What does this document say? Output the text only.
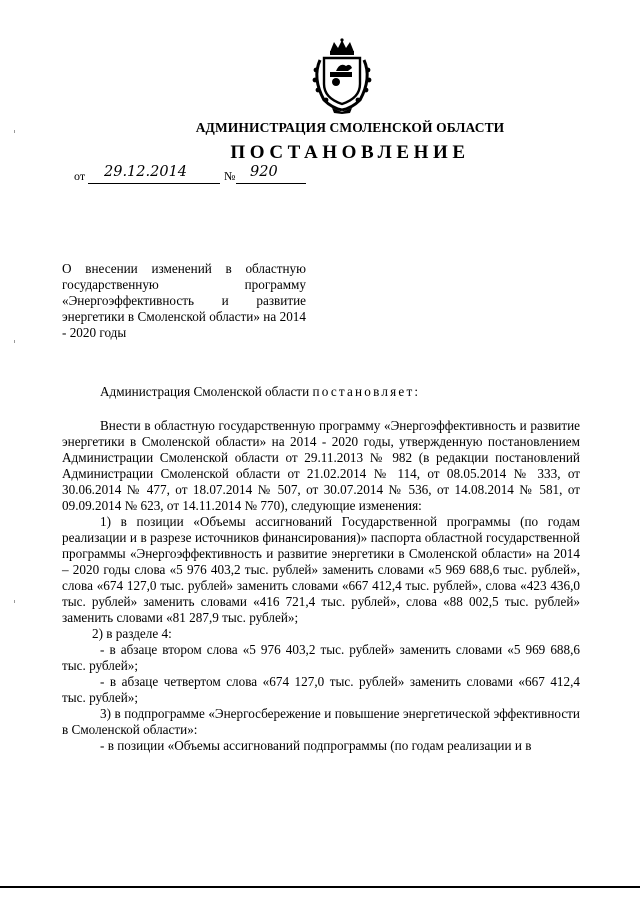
АДМИНИСТРАЦИЯ СМОЛЕНСКОЙ ОБЛАСТИ
ПОСТАНОВЛЕНИЕ
от 29.12.2014	№ 920
О внесении изменений в областную государственную программу «Энергоэффективность и развитие энергетики в Смоленской области» на 2014 - 2020 годы
Администрация Смоленской области постановляет:

Внести в областную государственную программу «Энергоэффективность и развитие энергетики в Смоленской области» на 2014 - 2020 годы, утвержденную постановлением Администрации Смоленской области от 29.11.2013 № 982 (в редакции постановлений Администрации Смоленской области от 21.02.2014 № 114, от 08.05.2014 № 333, от 30.06.2014 № 477, от 18.07.2014 № 507, от 30.07.2014 № 536, от 14.08.2014 № 581, от 09.09.2014 № 623, от 14.11.2014 № 770), следующие изменения:

1) в позиции «Объемы ассигнований Государственной программы (по годам реализации и в разрезе источников финансирования)» паспорта областной государственной программы «Энергоэффективность и развитие энергетики в Смоленской области» на 2014 – 2020 годы слова «5 976 403,2 тыс. рублей» заменить словами «5 969 688,6 тыс. рублей», слова «674 127,0 тыс. рублей» заменить словами «667 412,4 тыс. рублей», слова «423 436,0 тыс. рублей» заменить словами «416 721,4 тыс. рублей», слова «88 002,5 тыс. рублей» заменить словами «81 287,9 тыс. рублей»;

2) в разделе 4:

- в абзаце втором слова «5 976 403,2 тыс. рублей» заменить словами «5 969 688,6 тыс. рублей»;

- в абзаце четвертом слова «674 127,0 тыс. рублей» заменить словами «667 412,4 тыс. рублей»;

3) в подпрограмме «Энергосбережение и повышение энергетической эффективности в Смоленской области»:

- в позиции «Объемы ассигнований подпрограммы (по годам реализации и в
